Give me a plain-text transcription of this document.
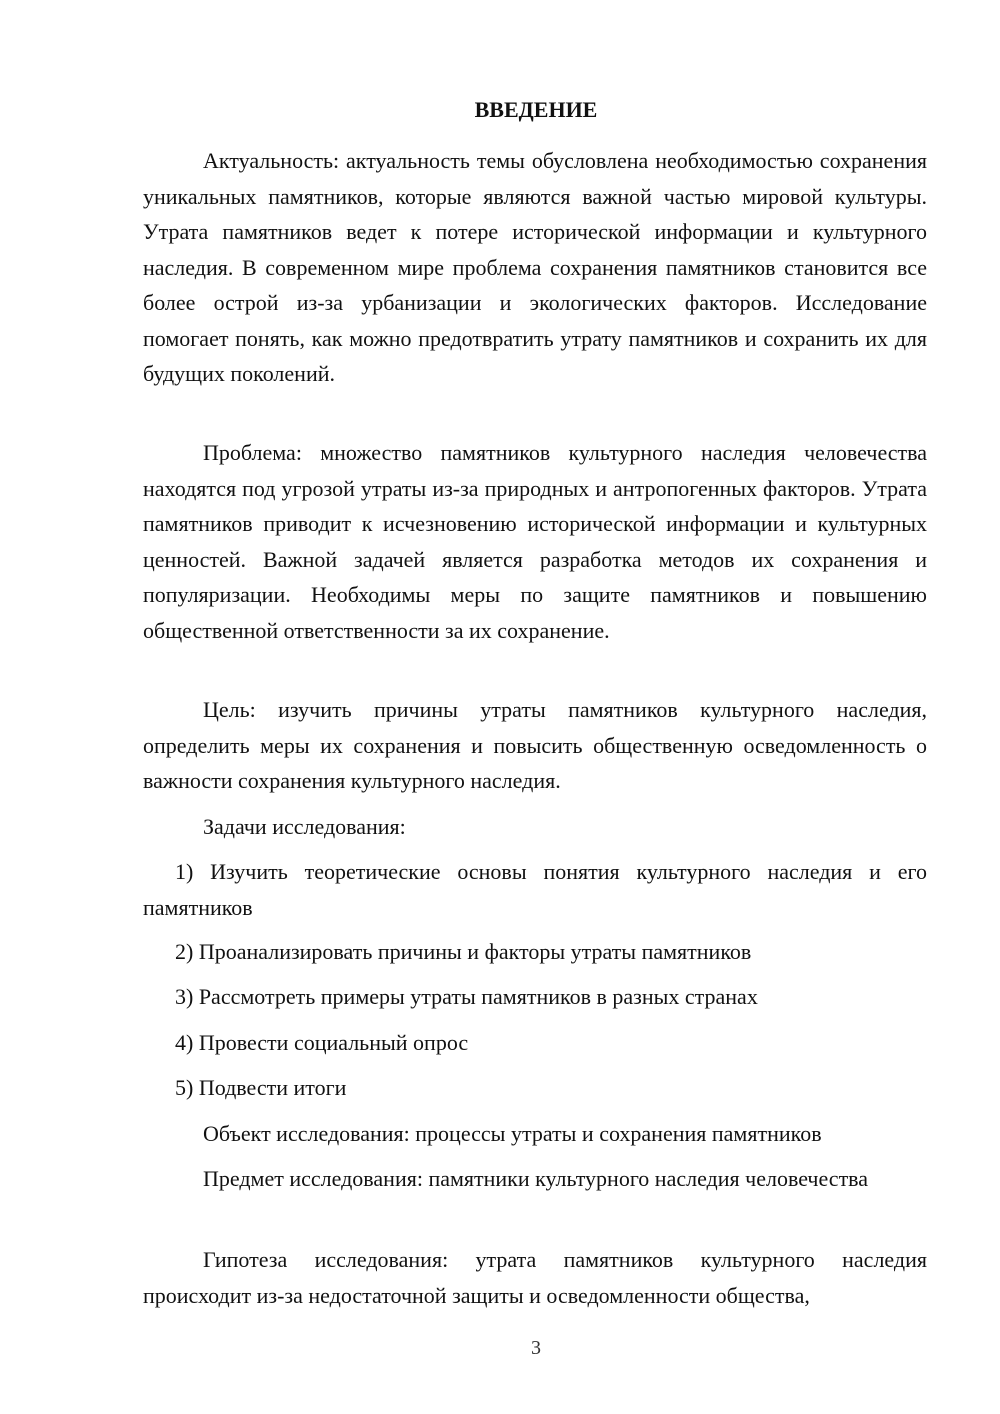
ВВЕДЕНИЕ

Актуальность: актуальность темы обусловлена необходимостью сохранения уникальных памятников, которые являются важной частью мировой культуры. Утрата памятников ведет к потере исторической информации и культурного наследия. В современном мире проблема сохранения памятников становится все более острой из-за урбанизации и экологических факторов. Исследование помогает понять, как можно предотвратить утрату памятников и сохранить их для будущих поколений.

Проблема: множество памятников культурного наследия человечества находятся под угрозой утраты из-за природных и антропогенных факторов. Утрата памятников приводит к исчезновению исторической информации и культурных ценностей. Важной задачей является разработка методов их сохранения и популяризации. Необходимы меры по защите памятников и повышению общественной ответственности за их сохранение.

Цель: изучить причины утраты памятников культурного наследия, определить меры их сохранения и повысить общественную осведомленность о важности сохранения культурного наследия.

Задачи исследования:

1) Изучить теоретические основы понятия культурного наследия и его памятников

2) Проанализировать причины и факторы утраты памятников

3) Рассмотреть примеры утраты памятников в разных странах

4) Провести социальный опрос

5) Подвести итоги

Объект исследования: процессы утраты и сохранения памятников

Предмет исследования: памятники культурного наследия человечества

Гипотеза исследования: утрата памятников культурного наследия происходит из-за недостаточной защиты и осведомленности общества,

3
